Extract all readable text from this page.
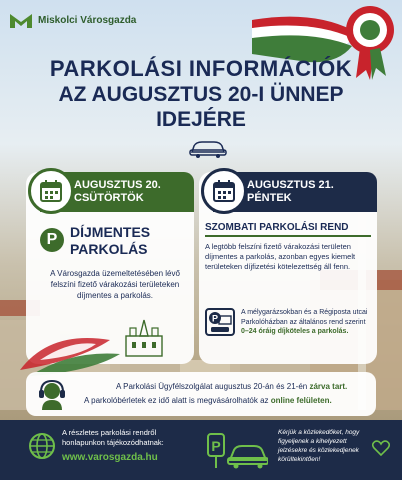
Miskolci Városgazda
PARKOLÁSI INFORMÁCIÓK
AZ AUGUSZTUS 20-I ÜNNEP
IDEJÉRE
AUGUSZTUS 20.
CSÜTÖRTÖK
P DÍJMENTES
PARKOLÁS
A Városgazda üzemeltetésében lévő felszíni fizető várakozási területeken díjmentes a parkolás.
AUGUSZTUS 21.
PÉNTEK
SZOMBATI PARKOLÁSI REND
A legtöbb felszíni fizető várakozási területen díjmentes a parkolás, azonban egyes kiemelt területeken díjfizetési kötelezettség áll fenn.
P
A mélygarázsokban és a Régiposta utcai Parkolóházban az általános rend szerint 0–24 óráig díjköteles a parkolás.
A Parkolási Ügyfélszolgálat augusztus 20-án és 21-én zárva tart.
A parkolóbérletek ez idő alatt is megvásárolhatók az online felületen.
A részletes parkolási rendről honlapunkon tájékozódhatnak:
www.varosgazda.hu
P
Kérjük a közlekedőket, hogy figyeljenek a kihelyezett jelzésekre és közlekedjenek körültekintően!
